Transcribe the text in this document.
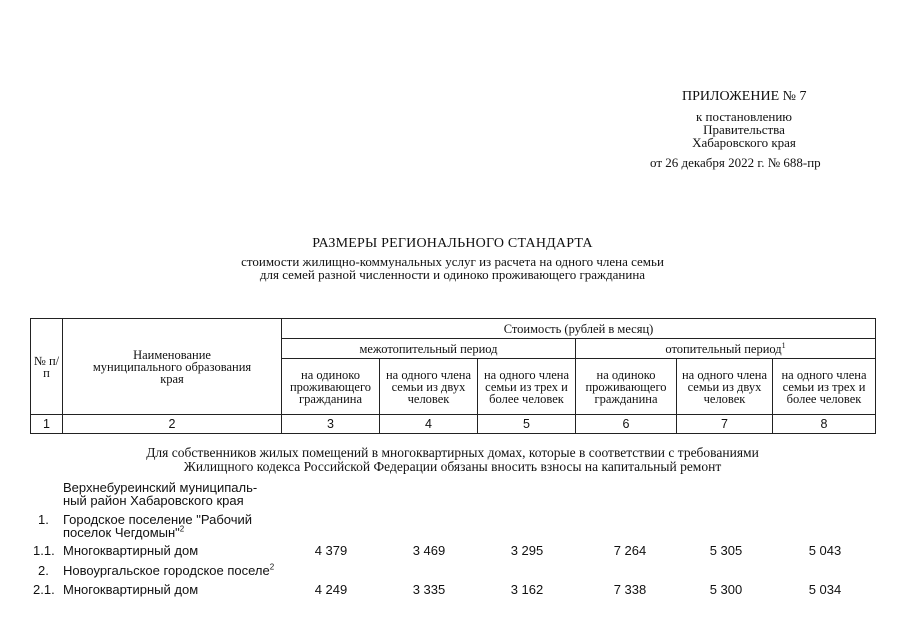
ПРИЛОЖЕНИЕ № 7
к постановлению
Правительства
Хабаровского края
от 26 декабря 2022 г. № 688-пр
РАЗМЕРЫ РЕГИОНАЛЬНОГО СТАНДАРТА
стоимости жилищно-коммунальных услуг из расчета на одного члена семьи
для семей разной численности и одиноко проживающего гражданина
№ п/п	Наименование муниципального образования края	Стоимость (рублей в месяц)					
		межотопительный период			отопительный период$^1$
		на одиноко проживающего гражданина	на одного члена семьи из двух человек	на одного члена семьи из трех и более человек	на одиноко проживающего гражданина	на одного члена семьи из двух человек	на одного члена семьи из трех и более человек
1	2	3	4	5	6	7	8
Для собственников жилых помещений в многоквартирных домах, которые в соответствии с требованиями
Жилищного кодекса Российской Федерации обязаны вносить взносы на капитальный ремонт
Верхнебуреинский муниципаль-
ный район Хабаровского края
1. Городское поселение "Рабочий
поселок Чегдомын"$^2$
1.1. Многоквартирный дом	4 379	3 469	3 295	7 264	5 305	5 043
2. Новоургальское городское поселе$^2$
2.1. Многоквартирный дом	4 249	3 335	3 162	7 338	5 300	5 034
